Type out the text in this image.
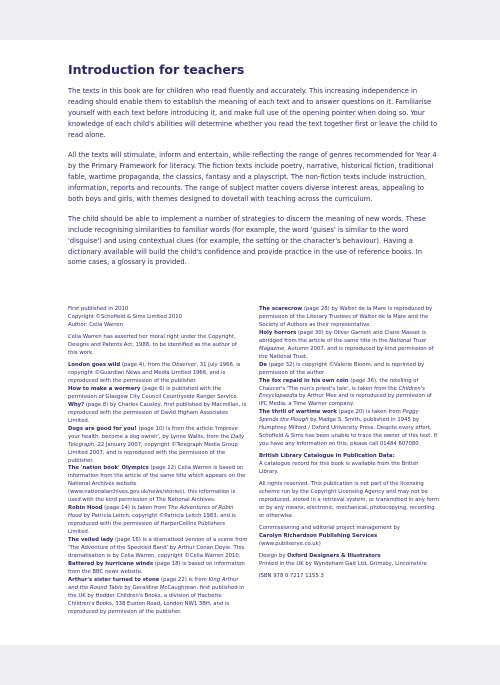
Introduction for teachers

The texts in this book are for children who read fluently and accurately. This increasing independence in reading should enable them to establish the meaning of each text and to answer questions on it. Familiarise yourself with each text before introducing it, and make full use of the opening pointer when doing so. Your knowledge of each child's abilities will determine whether you read the text together first or leave the child to read alone.

All the texts will stimulate, inform and entertain, while reflecting the range of genres recommended for Year 4 by the Primary Framework for literacy. The fiction texts include poetry, narrative, historical fiction, traditional fable, wartime propaganda, the classics, fantasy and a playscript. The non-fiction texts include instruction, information, reports and recounts. The range of subject matter covers diverse interest areas, appealing to both boys and girls, with themes designed to dovetail with teaching across the curriculum.

The child should be able to implement a number of strategies to discern the meaning of new words. These include recognising similarities to familiar words (for example, the word 'guises' is similar to the word 'disguise') and using contextual clues (for example, the setting or the character's behaviour). Having a dictionary available will build the child's confidence and provide practice in the use of reference books. In some cases, a glossary is provided.

First published in 2010

Copyright ©Schofield & Sims Limited 2010

Author: Celia Warren

Celia Warren has asserted her moral right under the Copyright, Designs and Patents Act, 1988, to be identified as the author of this work.

London goes wild (page 4), from the Observer, 31 July 1966, is copyright ©Guardian News and Media Limited 1966, and is reproduced with the permission of the publisher.

How to make a wormery (page 6) is published with the permission of Glasgow City Council Countryside Ranger Service.

Why? (page 8) by Charles Causley, first published by Macmillan, is reproduced with the permission of David Higham Associates Limited.

Dogs are good for you! (page 10) is from the article 'Improve your health, become a dog owner', by Lynne Wallis, from the Daily Telegraph, 22 January 2007, copyright ©Telegraph Media Group Limited 2007, and is reproduced with the permission of the publisher.

The 'nation book' Olympics (page 12) Celia Warren is based on information from the article of the same title which appears on the National Archives website (www.nationalarchives.gov.uk/news/stories), this information is used with the kind permission of The National Archives.

Robin Hood (page 14) is taken from The Adventures of Robin Hood by Patricia Leitch, copyright ©Patricia Leitch 1983, and is reproduced with the permission of HarperCollins Publishers Limited.

The veiled lady (page 16) is a dramatised version of a scene from 'The Adventure of the Speckled Band' by Arthur Conan Doyle. This dramatisation is by Celia Warren, copyright ©Celia Warren 2010.

Battered by hurricane winds (page 18) is based on information from the BBC news website.

Arthur's sister turned to stone (page 22) is from King Arthur and the Round Table by Geraldine McCaughrean, first published in the UK by Hodder Children's Books, a division of Hachette Children's Books, 338 Euston Road, London NW1 3BH, and is reproduced by permission of the publisher.

The scarecrow (page 28) by Walter de la Mare is reproduced by permission of the Literary Trustees of Walter de la Mare and the Society of Authors as their representative.

Holy horrors (page 30) by Oliver Garnett and Claire Masset is abridged from the article of the same title in the National Trust Magazine, Autumn 2007, and is reproduced by kind permission of the National Trust.

De (page 32) is copyright ©Valerie Bloom, and is reprinted by permission of the author.

The fox repaid in his own coin (page 36), the retelling of Chaucer's 'The nun's priest's tale', is taken from the Children's Encyclopaedia by Arthur Mee and is reproduced by permission of IPC Media, a Time Warner company.

The thrill of wartime work (page 20) is taken from Peggy Spends the Plough by Madge S. Smith, published in 1945 by Humphrey Milford / Oxford University Press. Despite every effort, Schofield & Sims has been unable to trace the owner of this text. If you have any information on this, please call 01484 607080.

British Library Catalogue in Publication Data:

A catalogue record for this book is available from the British Library.

All rights reserved. This publication is not part of the licensing scheme run by the Copyright Licensing Agency and may not be reproduced, stored in a retrieval system, or transmitted in any form or by any means, electronic, mechanical, photocopying, recording or otherwise.

Commissioning and editorial project management by

Carolyn Richardson Publishing Services

(www.publiserve.co.uk)

Design by Oxford Designers & Illustrators

Printed in the UK by Wyndeham Gait Ltd, Grimsby, Lincolnshire

ISBN 978 0 7217 1155 3
